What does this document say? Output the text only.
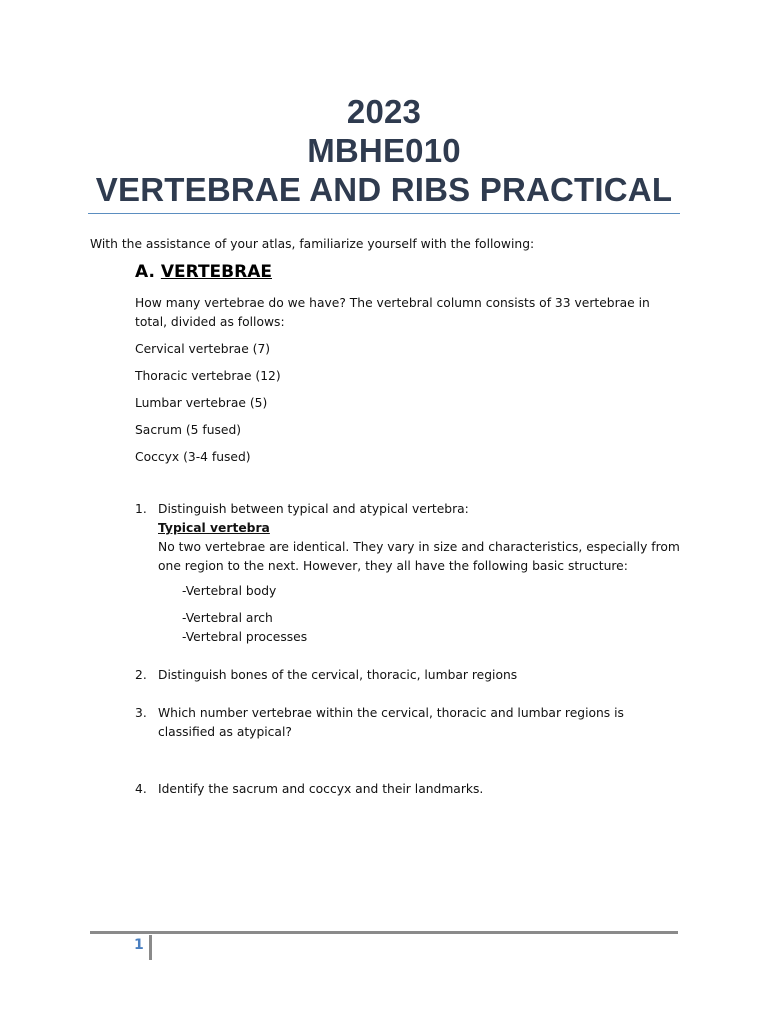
2023
MBHE010
VERTEBRAE AND RIBS PRACTICAL
With the assistance of your atlas, familiarize yourself with the following:
A. VERTEBRAE

How many vertebrae do we have? The vertebral column consists of 33 vertebrae in total, divided as follows:

Cervical vertebrae (7)

Thoracic vertebrae (12)

Lumbar vertebrae (5)

Sacrum (5 fused)

Coccyx (3-4 fused)

1. Distinguish between typical and atypical vertebra:
Typical vertebra
No two vertebrae are identical. They vary in size and characteristics, especially from one region to the next. However, they all have the following basic structure:
-Vertebral body
-Vertebral arch
-Vertebral processes
2. Distinguish bones of the cervical, thoracic, lumbar regions
3. Which number vertebrae within the cervical, thoracic and lumbar regions is classified as atypical?
4. Identify the sacrum and coccyx and their landmarks.
1
